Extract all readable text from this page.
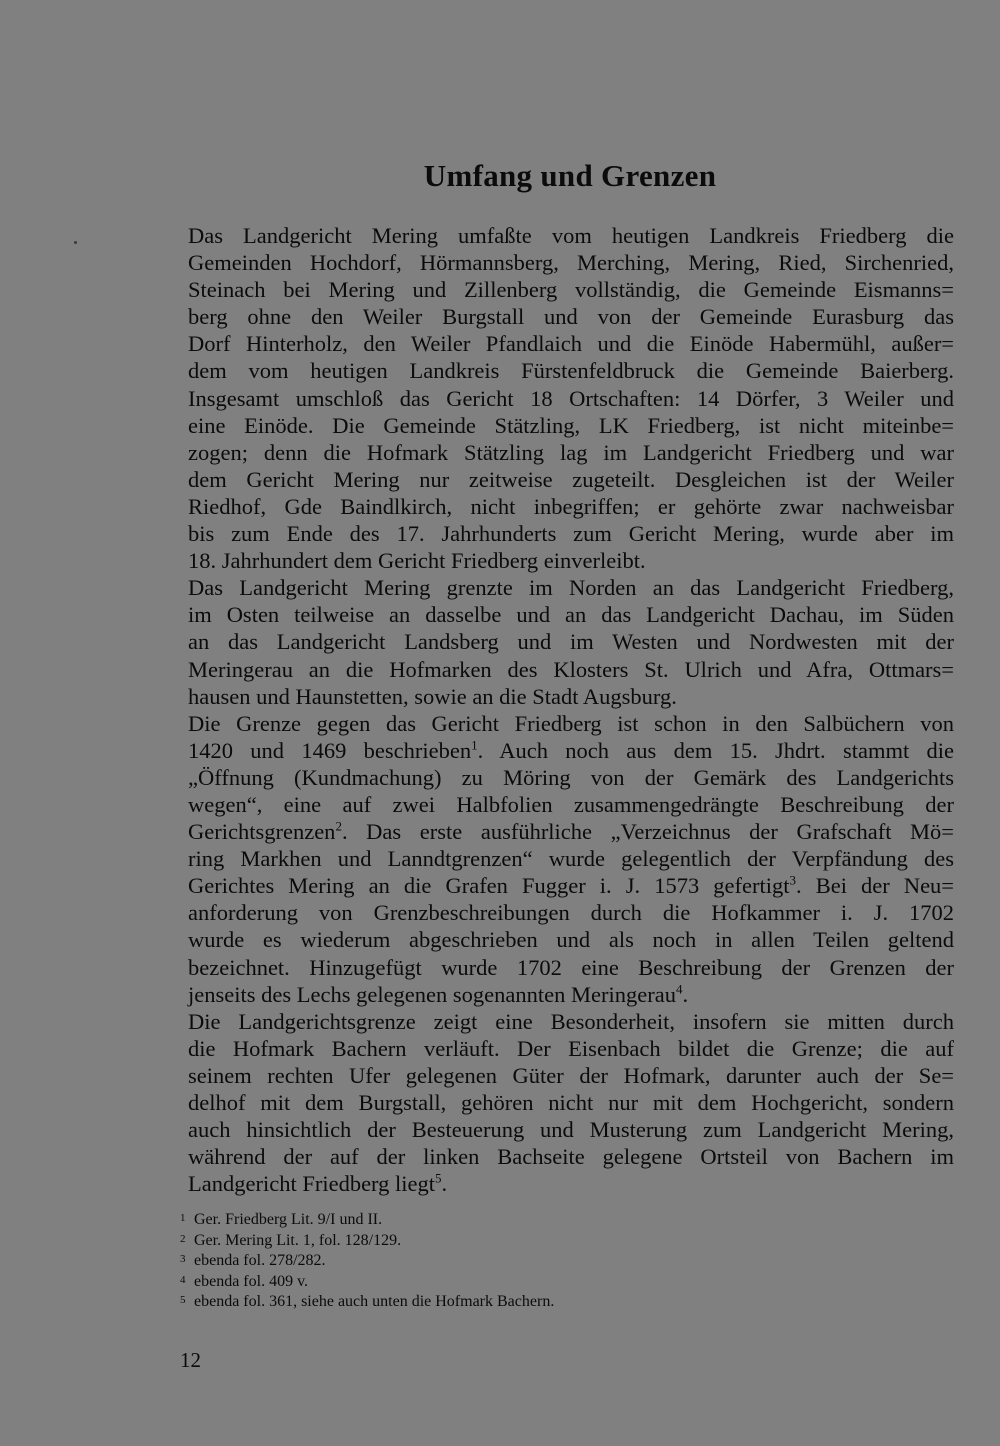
Umfang und Grenzen
Das Landgericht Mering umfaßte vom heutigen Landkreis Friedberg die
Gemeinden Hochdorf, Hörmannsberg, Merching, Mering, Ried, Sirchenried,
Steinach bei Mering und Zillenberg vollständig, die Gemeinde Eismanns=
berg ohne den Weiler Burgstall und von der Gemeinde Eurasburg das
Dorf Hinterholz, den Weiler Pfandlaich und die Einöde Habermühl, außer=
dem vom heutigen Landkreis Fürstenfeldbruck die Gemeinde Baierberg.
Insgesamt umschloß das Gericht 18 Ortschaften: 14 Dörfer, 3 Weiler und
eine Einöde. Die Gemeinde Stätzling, LK Friedberg, ist nicht miteinbe=
zogen; denn die Hofmark Stätzling lag im Landgericht Friedberg und war
dem Gericht Mering nur zeitweise zugeteilt. Desgleichen ist der Weiler
Riedhof, Gde Baindlkirch, nicht inbegriffen; er gehörte zwar nachweisbar
bis zum Ende des 17. Jahrhunderts zum Gericht Mering, wurde aber im
18. Jahrhundert dem Gericht Friedberg einverleibt.
Das Landgericht Mering grenzte im Norden an das Landgericht Friedberg,
im Osten teilweise an dasselbe und an das Landgericht Dachau, im Süden
an das Landgericht Landsberg und im Westen und Nordwesten mit der
Meringerau an die Hofmarken des Klosters St. Ulrich und Afra, Ottmars=
hausen und Haunstetten, sowie an die Stadt Augsburg.
Die Grenze gegen das Gericht Friedberg ist schon in den Salbüchern von
1420 und 1469 beschrieben$^1$. Auch noch aus dem 15. Jhdrt. stammt die
„Öffnung (Kundmachung) zu Möring von der Gemärk des Landgerichts
wegen“, eine auf zwei Halbfolien zusammengedrängte Beschreibung der
Gerichtsgrenzen$^2$. Das erste ausführliche „Verzeichnus der Grafschaft Mö=
ring Markhen und Lanndtgrenzen“ wurde gelegentlich der Verpfändung des
Gerichtes Mering an die Grafen Fugger i. J. 1573 gefertigt$^3$. Bei der Neu=
anforderung von Grenzbeschreibungen durch die Hofkammer i. J. 1702
wurde es wiederum abgeschrieben und als noch in allen Teilen geltend
bezeichnet. Hinzugefügt wurde 1702 eine Beschreibung der Grenzen der
jenseits des Lechs gelegenen sogenannten Meringerau$^4$.
Die Landgerichtsgrenze zeigt eine Besonderheit, insofern sie mitten durch
die Hofmark Bachern verläuft. Der Eisenbach bildet die Grenze; die auf
seinem rechten Ufer gelegenen Güter der Hofmark, darunter auch der Se=
delhof mit dem Burgstall, gehören nicht nur mit dem Hochgericht, sondern
auch hinsichtlich der Besteuerung und Musterung zum Landgericht Mering,
während der auf der linken Bachseite gelegene Ortsteil von Bachern im
Landgericht Friedberg liegt$^5$.
1 Ger. Friedberg Lit. 9/I und II.
2 Ger. Mering Lit. 1, fol. 128/129.
3 ebenda fol. 278/282.
4 ebenda fol. 409 v.
5 ebenda fol. 361, siehe auch unten die Hofmark Bachern.
12
